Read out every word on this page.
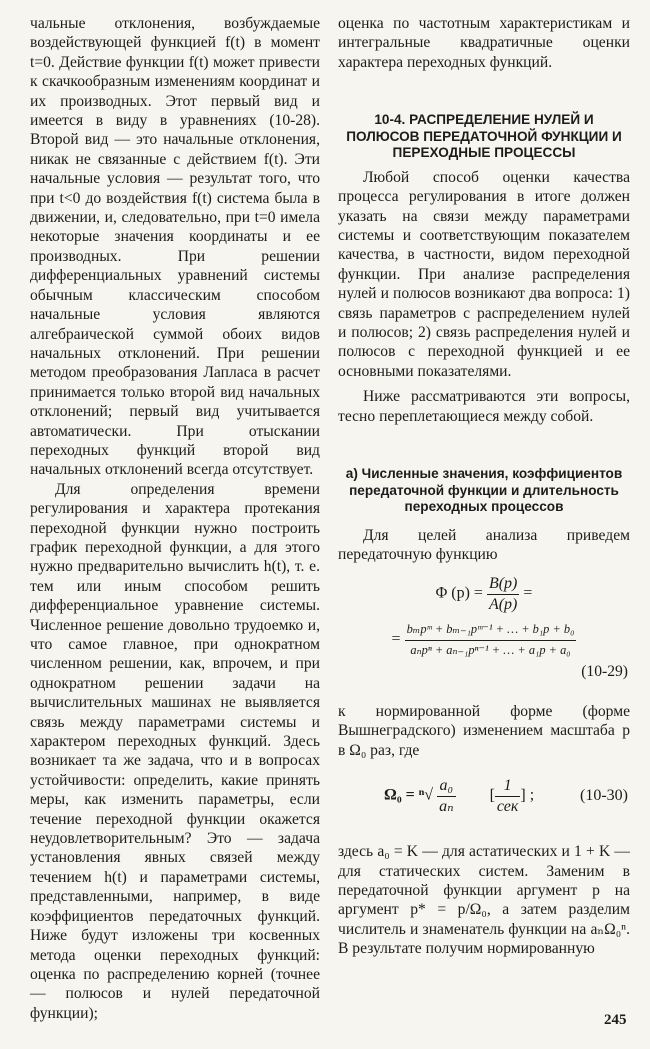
чальные отклонения, возбуждаемые воздействующей функцией f(t) в момент t=0. Действие функции f(t) может привести к скачкообразным изменениям координат и их производных. Этот первый вид и имеется в виду в уравнениях (10-28). Второй вид — это начальные отклонения, никак не связанные с действием f(t). Эти начальные условия — результат того, что при t<0 до воздействия f(t) система была в движении, и, следовательно, при t=0 имела некоторые значения координаты и ее производных. При решении дифференциальных уравнений системы обычным классическим способом начальные условия являются алгебраической суммой обоих видов начальных отклонений. При решении методом преобразования Лапласа в расчет принимается только второй вид начальных отклонений; первый вид учитывается автоматически. При отыскании переходных функций второй вид начальных отклонений всегда отсутствует.

Для определения времени регулирования и характера протекания переходной функции нужно построить график переходной функции, а для этого нужно предварительно вычислить h(t), т. е. тем или иным способом решить дифференциальное уравнение системы. Численное решение довольно трудоемко и, что самое главное, при однократном численном решении, как, впрочем, и при однократном решении задачи на вычислительных машинах не выявляется связь между параметрами системы и характером переходных функций. Здесь возникает та же задача, что и в вопросах устойчивости: определить, какие принять меры, как изменить параметры, если течение переходной функции окажется неудовлетворительным? Это — задача установления явных связей между течением h(t) и параметрами системы, представленными, например, в виде коэффициентов передаточных функций. Ниже будут изложены три косвенных метода оценки переходных функций: оценка по распределению корней (точнее — полюсов и нулей передаточной функции);

оценка по частотным характеристикам и интегральные квадратичные оценки характера переходных функций.

10-4. РАСПРЕДЕЛЕНИЕ НУЛЕЙ И ПОЛЮСОВ ПЕРЕДАТОЧНОЙ ФУНКЦИИ И ПЕРЕХОДНЫЕ ПРОЦЕССЫ

Любой способ оценки качества процесса регулирования в итоге должен указать на связи между параметрами системы и соответствующим показателем качества, в частности, видом переходной функции. При анализе распределения нулей и полюсов возникают два вопроса: 1) связь параметров с распределением нулей и полюсов; 2) связь распределения нулей и полюсов с переходной функцией и ее основными показателями.

Ниже рассматриваются эти вопросы, тесно переплетающиеся между собой.

а) Численные значения, коэффициентов передаточной функции и длительность переходных процессов

Для целей анализа приведем передаточную функцию

Φ $(p) = \frac{B(p)}{A(p)}$ =
= $\frac{\text{bₘpᵐ + bₘ₋₁pᵐ⁻¹ + … + b₁p + b₀}}{\text{aₙpⁿ + aₙ₋₁pⁿ⁻¹ + … + a₁p + a₀}}$
(10-29)

к нормированной форме (форме Вышнеградского) изменением масштаба p в Ω₀ раз, где

$\Omega_0 = ^n√ \frac{\text{a₀}}{\text{aₙ}}$ [ $\frac{1}{\text{сек}}$ ] ;	(10-30)

здесь a₀ = K — для астатических и 1 + K — для статических систем. Заменим в передаточной функции аргумент p на аргумент p* = p/Ω₀, а затем разделим числитель и знаменатель функции на aₙΩ₀ⁿ. В результате получим нормированную

245
